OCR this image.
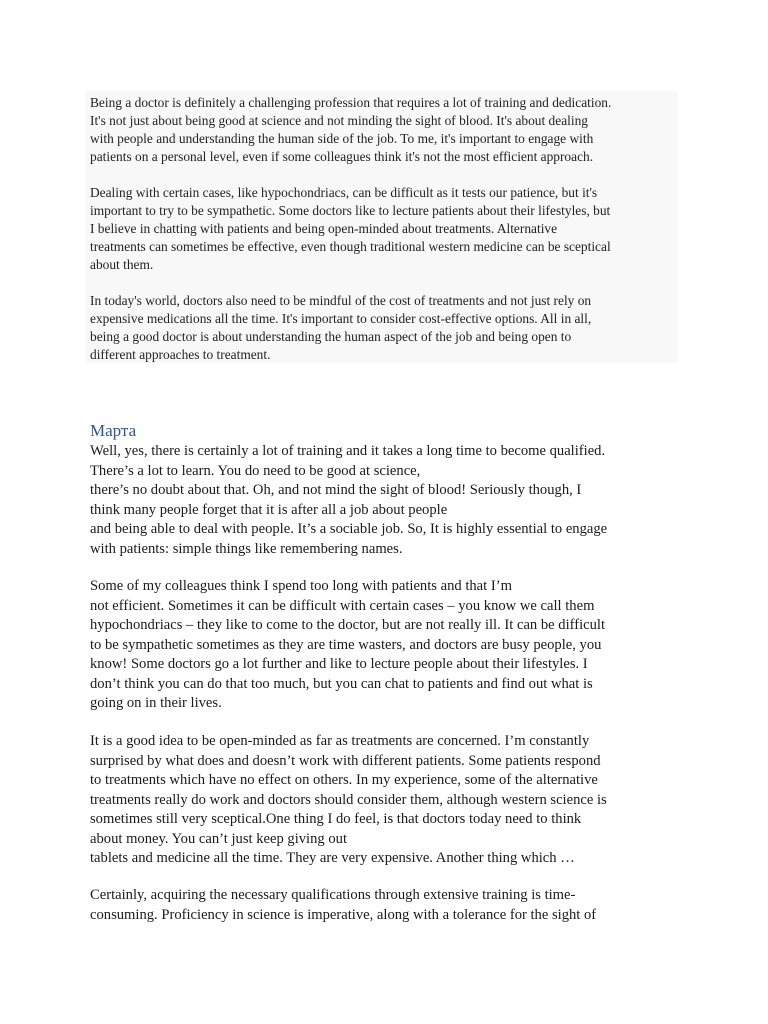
Being a doctor is definitely a challenging profession that requires a lot of training and dedication.
It's not just about being good at science and not minding the sight of blood. It's about dealing
with people and understanding the human side of the job. To me, it's important to engage with
patients on a personal level, even if some colleagues think it's not the most efficient approach.

Dealing with certain cases, like hypochondriacs, can be difficult as it tests our patience, but it's
important to try to be sympathetic. Some doctors like to lecture patients about their lifestyles, but
I believe in chatting with patients and being open-minded about treatments. Alternative
treatments can sometimes be effective, even though traditional western medicine can be sceptical
about them.

In today's world, doctors also need to be mindful of the cost of treatments and not just rely on
expensive medications all the time. It's important to consider cost-effective options. All in all,
being a good doctor is about understanding the human aspect of the job and being open to
different approaches to treatment.

Марта

Well, yes, there is certainly a lot of training and it takes a long time to become qualified.
There’s a lot to learn. You do need to be good at science,
there’s no doubt about that. Oh, and not mind the sight of blood! Seriously though, I
think many people forget that it is after all a job about people
and being able to deal with people. It’s a sociable job. So, It is highly essential to engage
with patients: simple things like remembering names.

Some of my colleagues think I spend too long with patients and that I’m
not efficient. Sometimes it can be difficult with certain cases – you know we call them
hypochondriacs – they like to come to the doctor, but are not really ill. It can be difficult
to be sympathetic sometimes as they are time wasters, and doctors are busy people, you
know! Some doctors go a lot further and like to lecture people about their lifestyles. I
don’t think you can do that too much, but you can chat to patients and find out what is
going on in their lives.

It is a good idea to be open-minded as far as treatments are concerned. I’m constantly
surprised by what does and doesn’t work with different patients. Some patients respond
to treatments which have no effect on others. In my experience, some of the alternative
treatments really do work and doctors should consider them, although western science is
sometimes still very sceptical.One thing I do feel, is that doctors today need to think
about money. You can’t just keep giving out
tablets and medicine all the time. They are very expensive. Another thing which …

Certainly, acquiring the necessary qualifications through extensive training is time-
consuming. Proficiency in science is imperative, along with a tolerance for the sight of
